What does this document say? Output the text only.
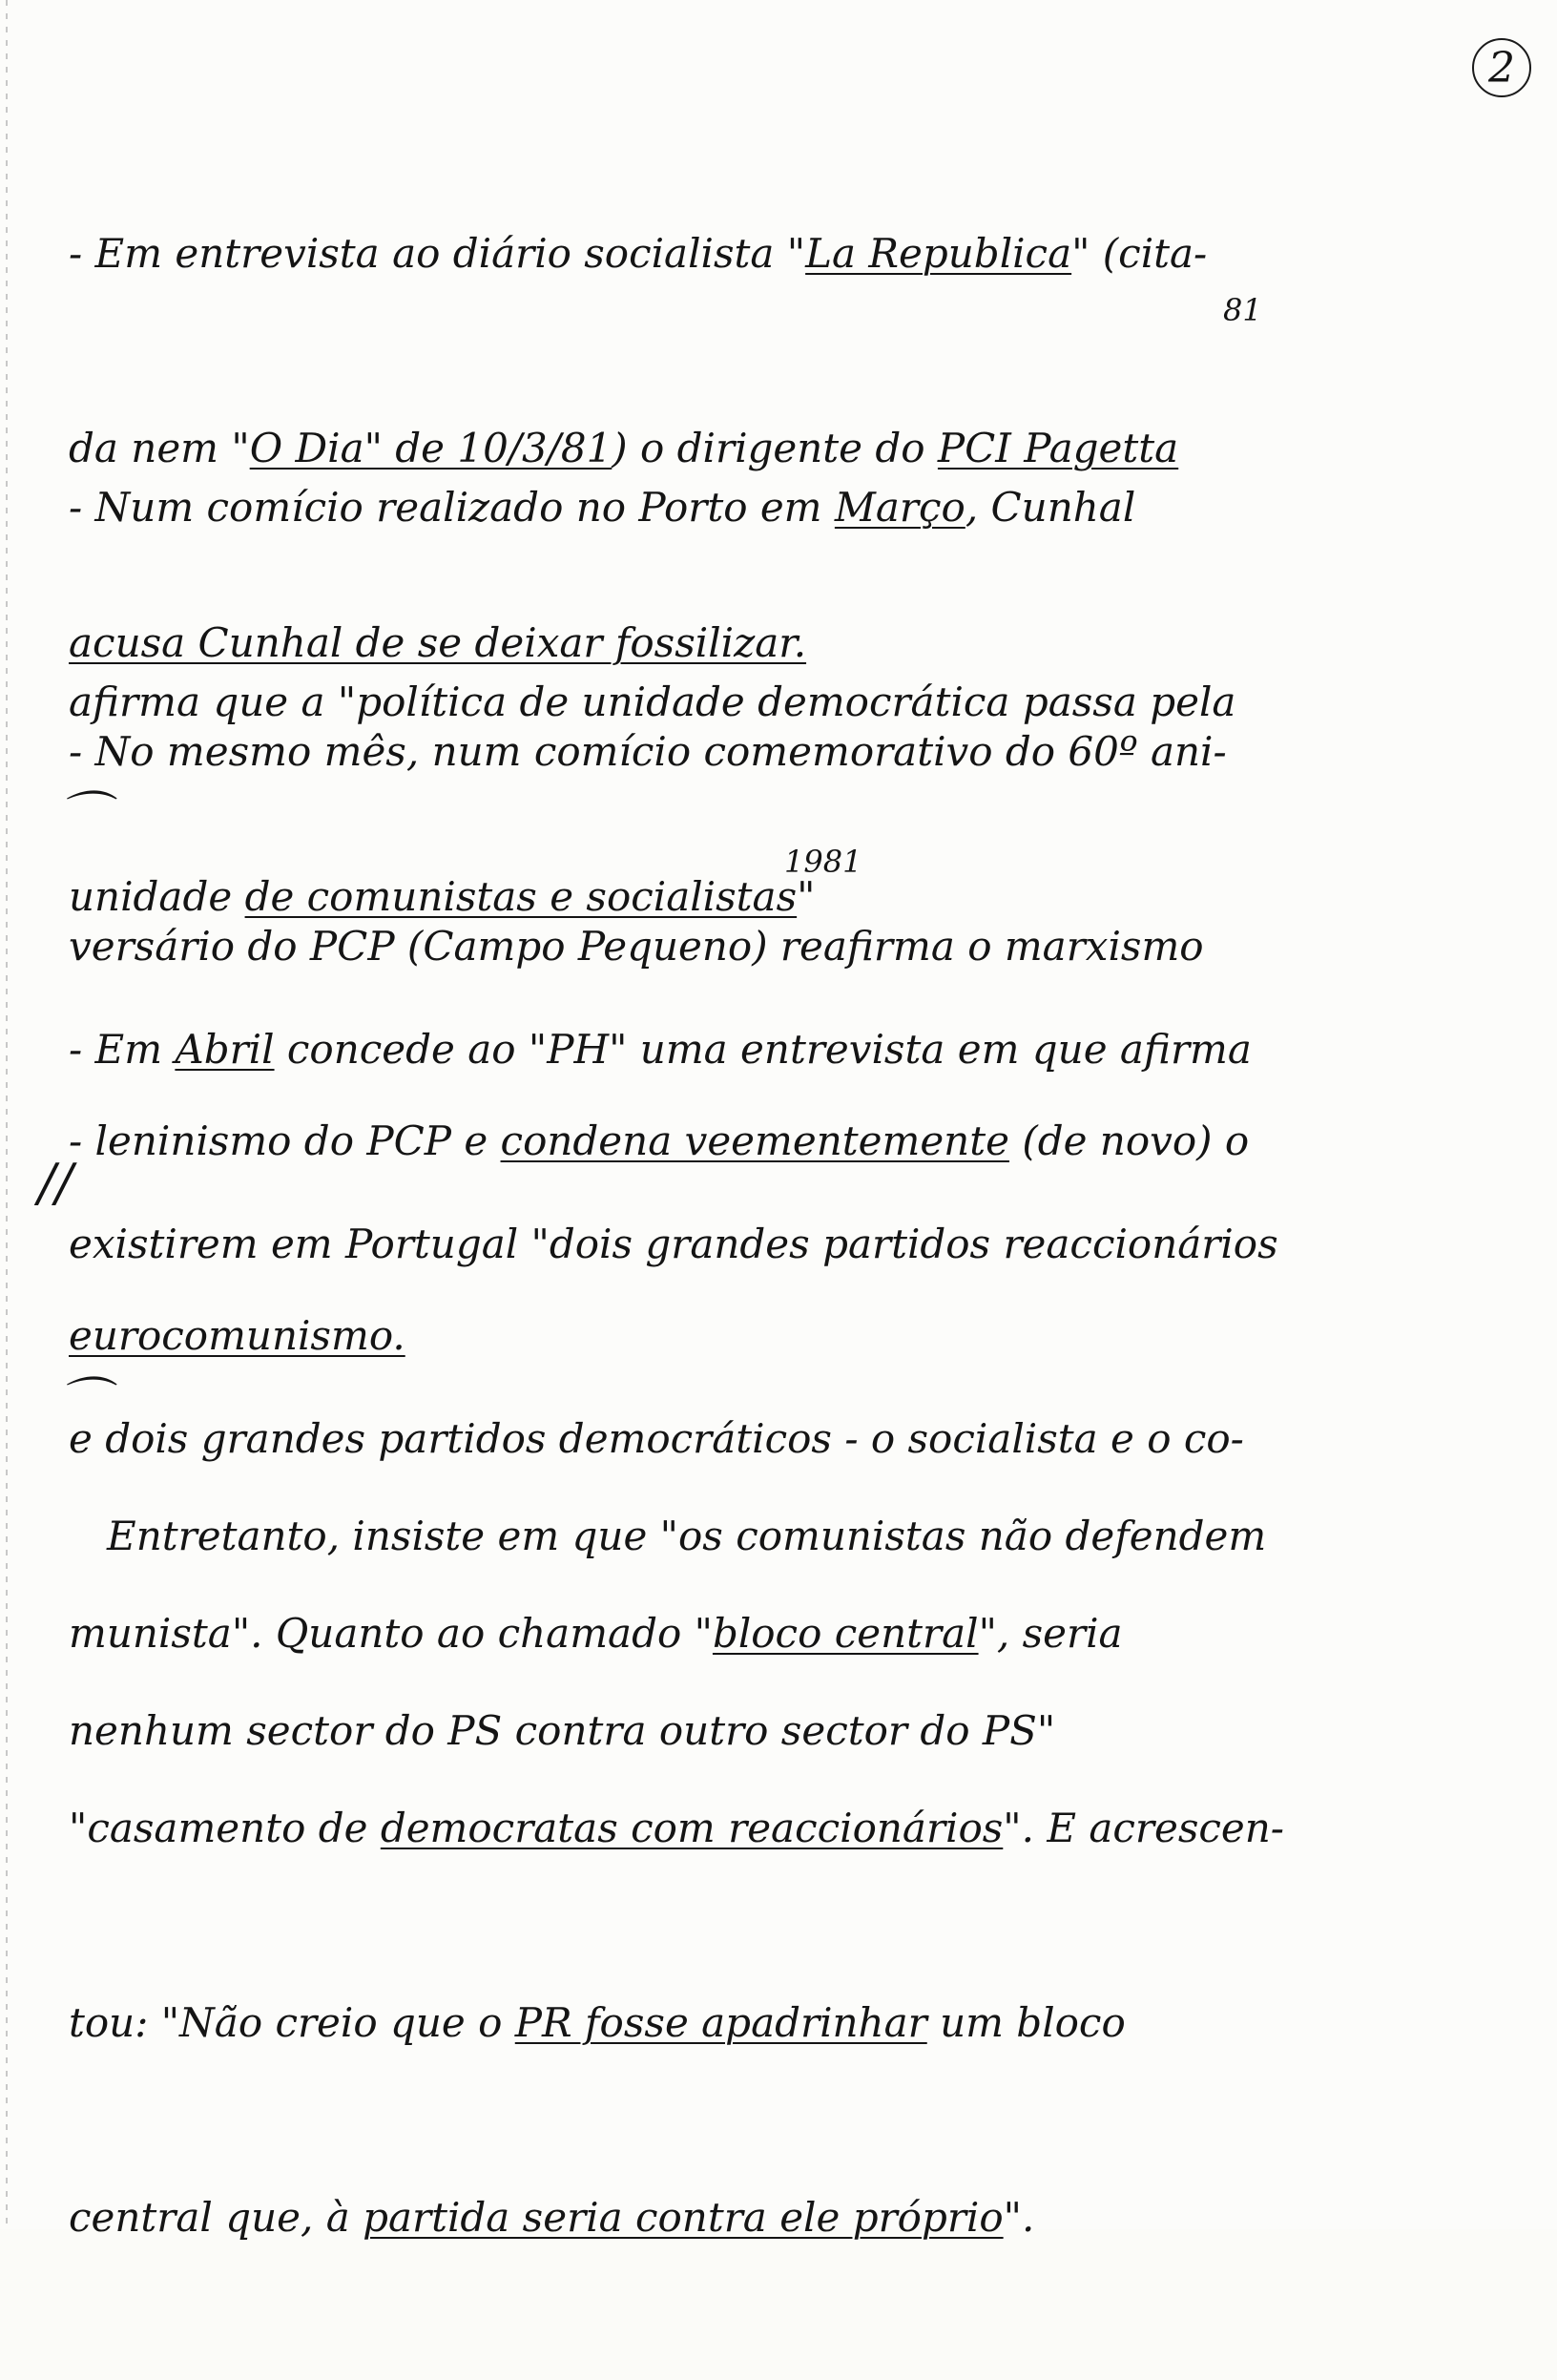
2

- Em entrevista ao diário socialista "La Republica" (cita-

da nem "O Dia" de 10/3/81) o dirigente do PCI Pagetta

acusa Cunhal de se deixar fossilizar.

81

- Num comício realizado no Porto em Março, Cunhal

afirma que a "política de unidade democrática passa pela

unidade de comunistas e socialistas"

- No mesmo mês, num comício comemorativo do 60º ani-

versário do PCP (Campo Pequeno) reafirma o marxismo

- leninismo do PCP e condena veementemente (de novo) o

eurocomunismo.

⌒
1981

- Em Abril concede ao "PH" uma entrevista em que afirma

existirem em Portugal "dois grandes partidos reaccionários

e dois grandes partidos democráticos - o socialista e o co-

munista". Quanto ao chamado "bloco central", seria

"casamento de democratas com reaccionários". E acrescen-

tou: "Não creio que o PR fosse apadrinhar um bloco

central que, à partida seria contra ele próprio".

//
⌒

Entretanto, insiste em que "os comunistas não defendem

nenhum sector do PS contra outro sector do PS"
